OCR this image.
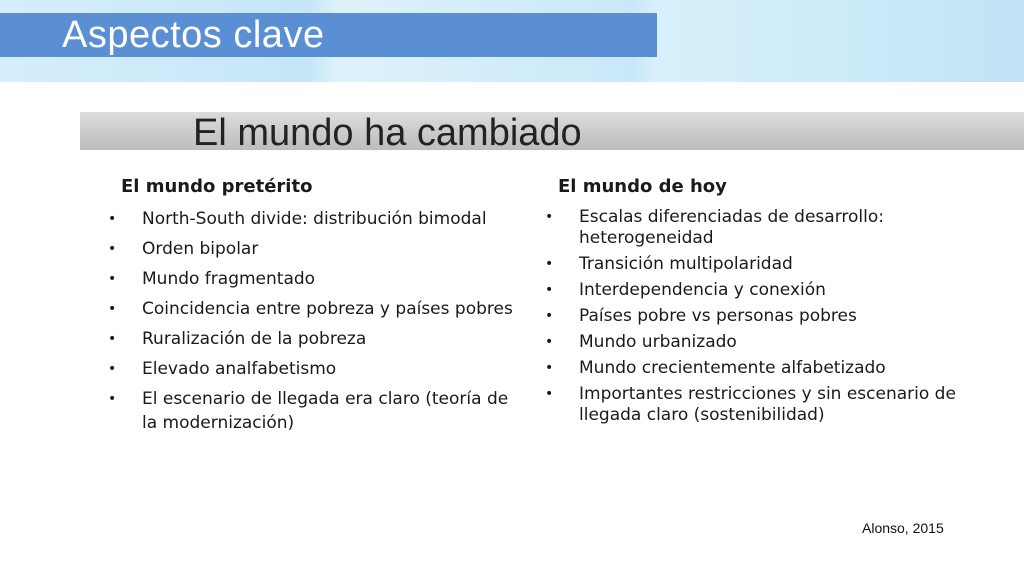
Aspectos clave
El mundo ha cambiado
El mundo pretérito
• North-South divide: distribución bimodal
• Orden bipolar
• Mundo fragmentado
• Coincidencia entre pobreza y países pobres
• Ruralización de la pobreza
• Elevado analfabetismo
• El escenario de llegada era claro (teoría de la modernización)
El mundo de hoy
• Escalas diferenciadas de desarrollo: heterogeneidad
• Transición multipolaridad
• Interdependencia y conexión
• Países pobre vs personas pobres
• Mundo urbanizado
• Mundo crecientemente alfabetizado
• Importantes restricciones y sin escenario de llegada claro (sostenibilidad)
Alonso, 2015
